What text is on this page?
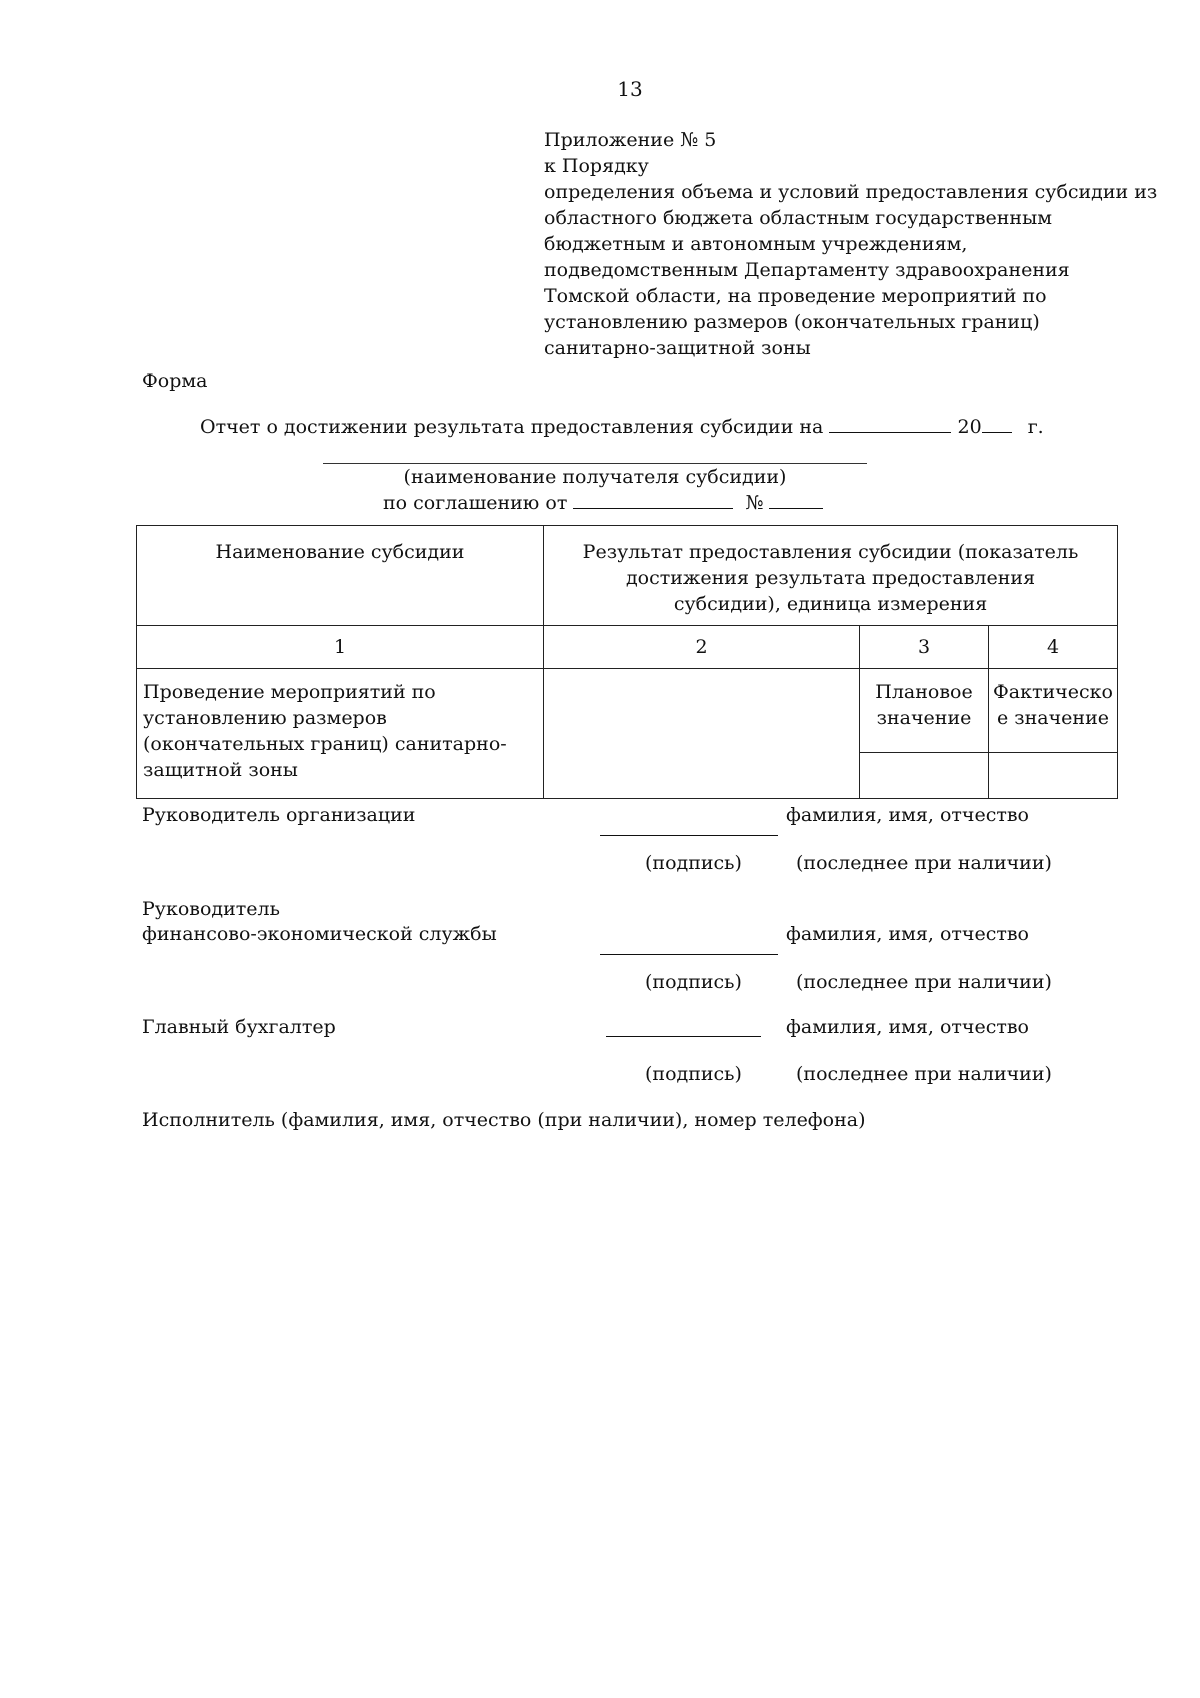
13
Приложение № 5
к Порядку
определения объема и условий предоставления субсидии из
областного бюджета областным государственным
бюджетным и автономным учреждениям,
подведомственным Департаменту здравоохранения
Томской области, на проведение мероприятий по
установлению размеров (окончательных границ)
санитарно-защитной зоны
Форма
Отчет о достижении результата предоставления субсидии на	20 г.
(наименование получателя субсидии)
по соглашению от	№
Наименование субсидии	Результат предоставления субсидии (показатель достижения результата предоставления субсидии), единица измерения		
1	2	3	4
Проведение мероприятий по установлению размеров (окончательных границ) санитарно-защитной зоны		Плановое значение	Фактическо е значение

Руководитель организации	фамилия, имя, отчество
(подпись)	(последнее при наличии)
Руководитель
финансово-экономической службы	фамилия, имя, отчество
(подпись)	(последнее при наличии)
Главный бухгалтер	фамилия, имя, отчество
(подпись)	(последнее при наличии)
Исполнитель (фамилия, имя, отчество (при наличии), номер телефона)
